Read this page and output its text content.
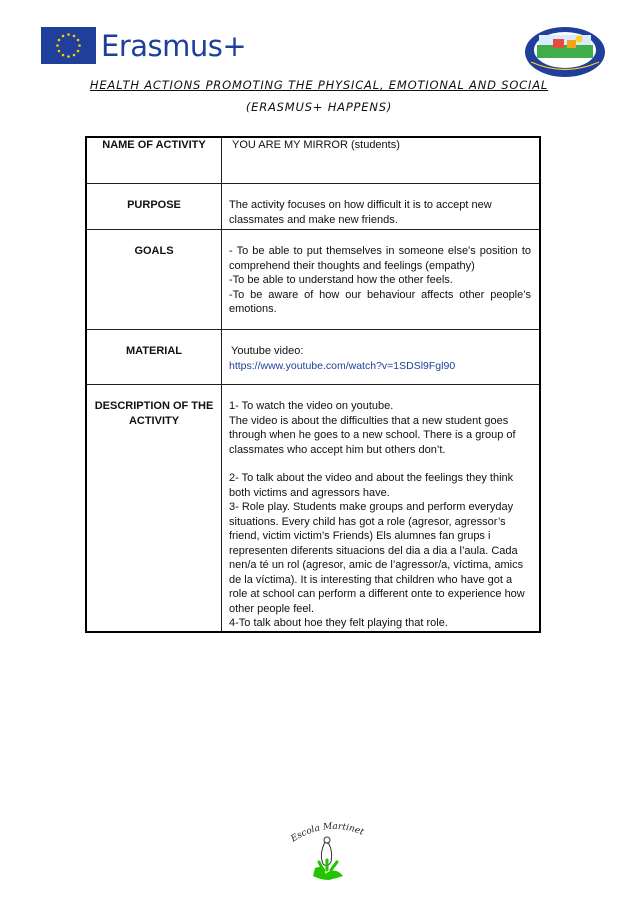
Erasmus+
HEALTH ACTIONS PROMOTING THE PHYSICAL, EMOTIONAL AND SOCIAL
(ERASMUS+ HAPPENS)
NAME OF ACTIVITY	YOU ARE MY MIRROR (students)

PURPOSE	The activity focuses on how difficult it is to accept new classmates and make new friends.

GOALS	- To be able to put themselves in someone else's position to comprehend their thoughts and feelings (empathy)

-To be able to understand how the other feels.

-To be aware of how our behaviour affects other people’s emotions.

MATERIAL	Youtube video:
https://www.youtube.com/watch?v=1SDSl9Fgl90

DESCRIPTION OF THE ACTIVITY	1- To watch the video on youtube.

The video is about the difficulties that a new student goes through when he goes to a new school. There is a group of classmates who accept him but others don’t.

2- To talk about the video and about the feelings they think both victims and agressors have.

3- Role play. Students make groups and perform everyday situations. Every child has got a role (agresor, agressor’s friend, victim victim’s Friends) Els alumnes fan grups i representen diferents situacions del dia a dia a l’aula. Cada nen/a té un rol (agresor, amic de l’agressor/a, víctima, amics de la víctima). It is interesting that children who have got a role at school can perform a different onte to experience how other people feel.

4-To talk about hoe they felt playing that role.

Escola Martinet
